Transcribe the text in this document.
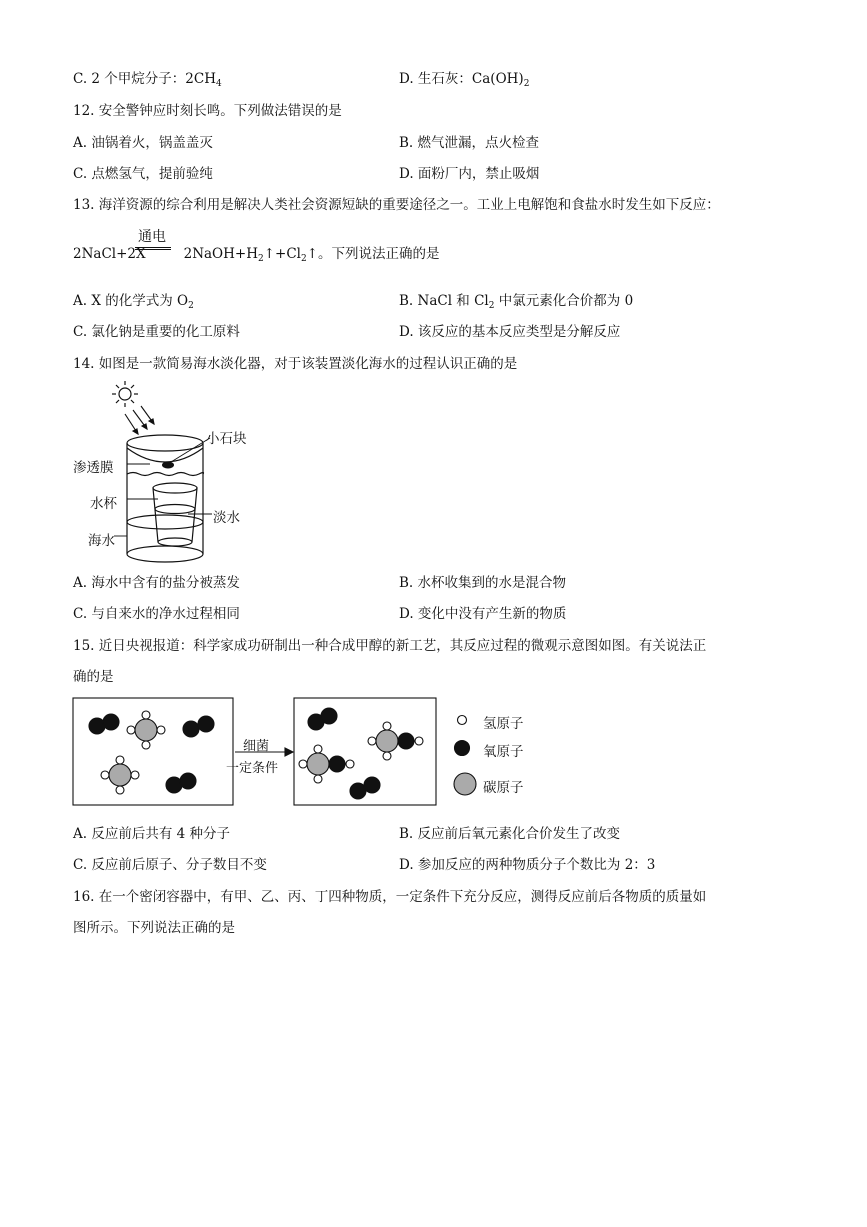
C. 2 个甲烷分子：$2CH_4$	D. 生石灰：$Ca(OH)_2$
12. 安全警钟应时刻长鸣。下列做法错误的是
A. 油锅着火，锅盖盖灭	B. 燃气泄漏，点火检查
C. 点燃氢气，提前验纯	D. 面粉厂内，禁止吸烟
13. 海洋资源的综合利用是解决人类社会资源短缺的重要途径之一。工业上电解饱和食盐水时发生如下反应：
通电
2NaCl+2X	$2NaOH+H_2↑+Cl_2↑$。下列说法正确的是
A. X 的化学式为 $O_2$	B. NaCl 和 $Cl_2$ 中氯元素化合价都为 0
C. 氯化钠是重要的化工原料	D. 该反应的基本反应类型是分解反应
14. 如图是一款简易海水淡化器，对于该装置淡化海水的过程认识正确的是
小石块
渗透膜
水杯
淡水
海水
A. 海水中含有的盐分被蒸发	B. 水杯收集到的水是混合物
C. 与自来水的净水过程相同	D. 变化中没有产生新的物质
15. 近日央视报道：科学家成功研制出一种合成甲醇的新工艺，其反应过程的微观示意图如图。有关说法正
确的是
细菌
一定条件
氢原子
氧原子
碳原子
A. 反应前后共有 4 种分子	B. 反应前后氧元素化合价发生了改变
C. 反应前后原子、分子数目不变	D. 参加反应的两种物质分子个数比为 2：3
16. 在一个密闭容器中，有甲、乙、丙、丁四种物质，一定条件下充分反应，测得反应前后各物质的质量如
图所示。下列说法正确的是
